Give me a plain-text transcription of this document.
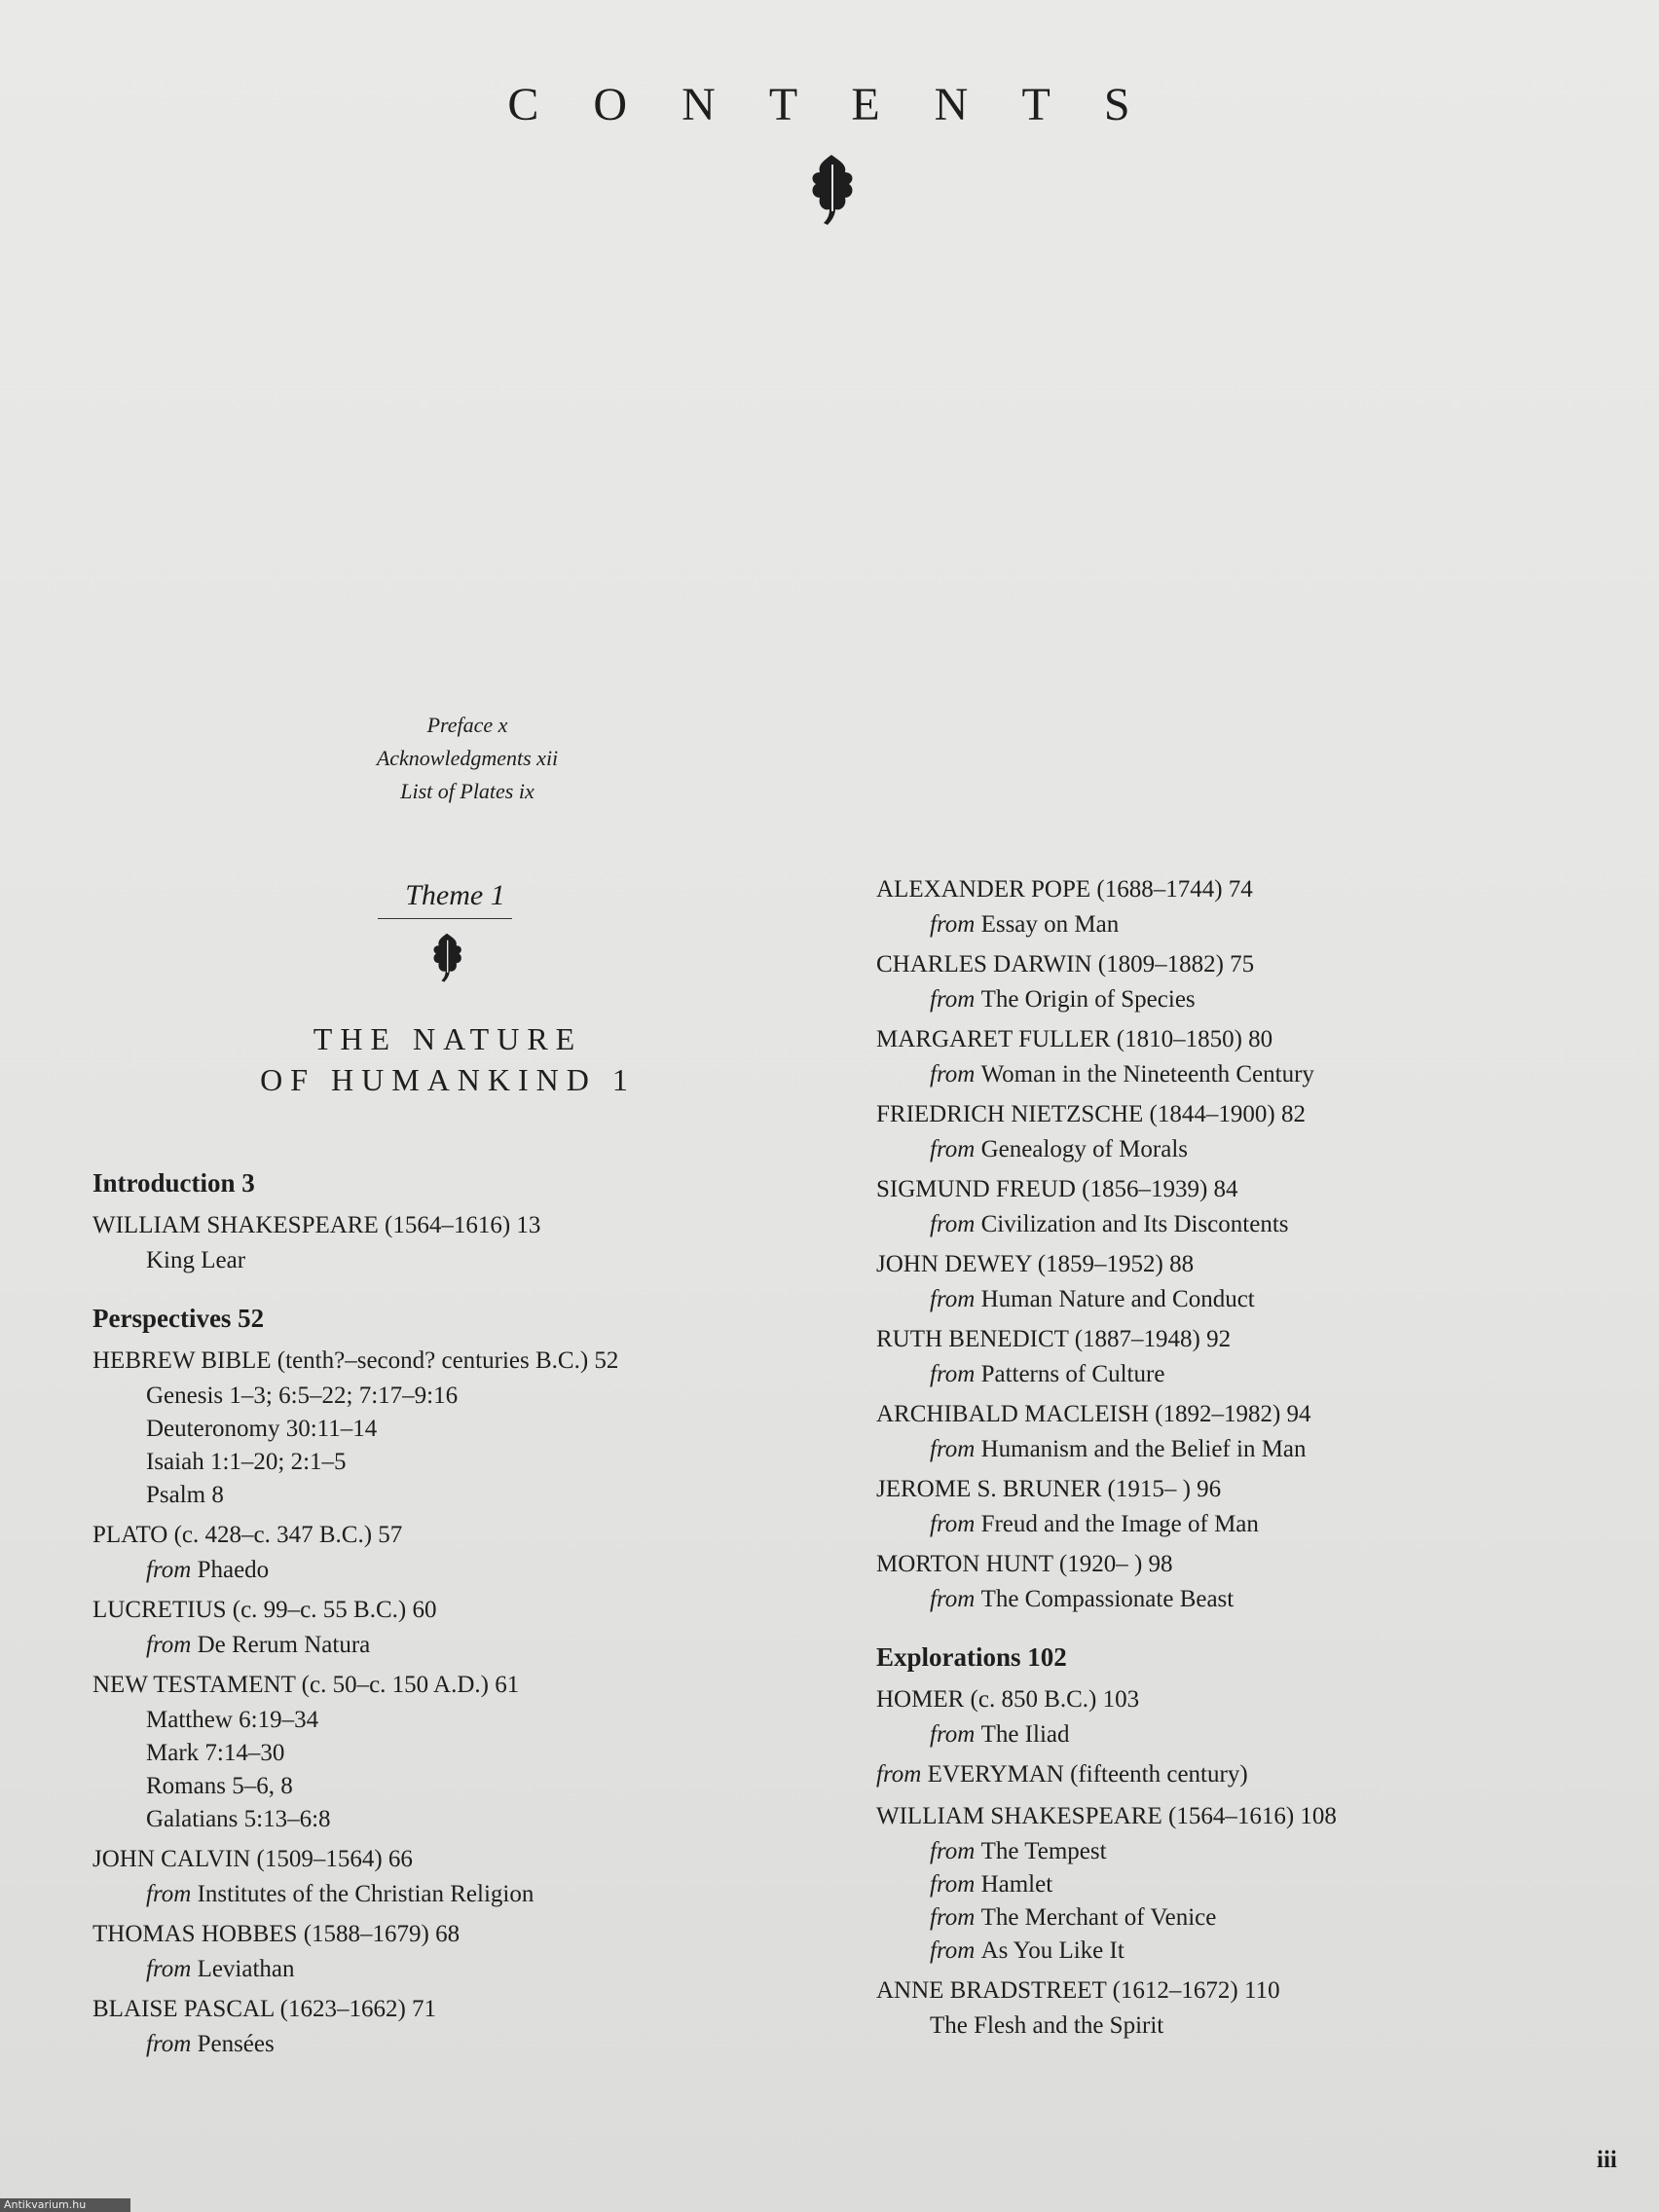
C O N T E N T S
Preface x
Acknowledgments xii
List of Plates ix
Theme 1
THE NATURE
OF HUMANKIND 1
Introduction 3
WILLIAM SHAKESPEARE (1564–1616) 13
King Lear
Perspectives 52
HEBREW BIBLE (tenth?–second? centuries B.C.) 52
Genesis 1–3; 6:5–22; 7:17–9:16
Deuteronomy 30:11–14
Isaiah 1:1–20; 2:1–5
Psalm 8
PLATO (c. 428–c. 347 B.C.) 57
from Phaedo
LUCRETIUS (c. 99–c. 55 B.C.) 60
from De Rerum Natura
NEW TESTAMENT (c. 50–c. 150 A.D.) 61
Matthew 6:19–34
Mark 7:14–30
Romans 5–6, 8
Galatians 5:13–6:8
JOHN CALVIN (1509–1564) 66
from Institutes of the Christian Religion
THOMAS HOBBES (1588–1679) 68
from Leviathan
BLAISE PASCAL (1623–1662) 71
from Pensées
ALEXANDER POPE (1688–1744) 74
from Essay on Man
CHARLES DARWIN (1809–1882) 75
from The Origin of Species
MARGARET FULLER (1810–1850) 80
from Woman in the Nineteenth Century
FRIEDRICH NIETZSCHE (1844–1900) 82
from Genealogy of Morals
SIGMUND FREUD (1856–1939) 84
from Civilization and Its Discontents
JOHN DEWEY (1859–1952) 88
from Human Nature and Conduct
RUTH BENEDICT (1887–1948) 92
from Patterns of Culture
ARCHIBALD MACLEISH (1892–1982) 94
from Humanism and the Belief in Man
JEROME S. BRUNER (1915– ) 96
from Freud and the Image of Man
MORTON HUNT (1920– ) 98
from The Compassionate Beast
Explorations 102
HOMER (c. 850 B.C.) 103
from The Iliad
from EVERYMAN (fifteenth century)
WILLIAM SHAKESPEARE (1564–1616) 108
from The Tempest
from Hamlet
from The Merchant of Venice
from As You Like It
ANNE BRADSTREET (1612–1672) 110
The Flesh and the Spirit
iii
Antikvarium.hu
